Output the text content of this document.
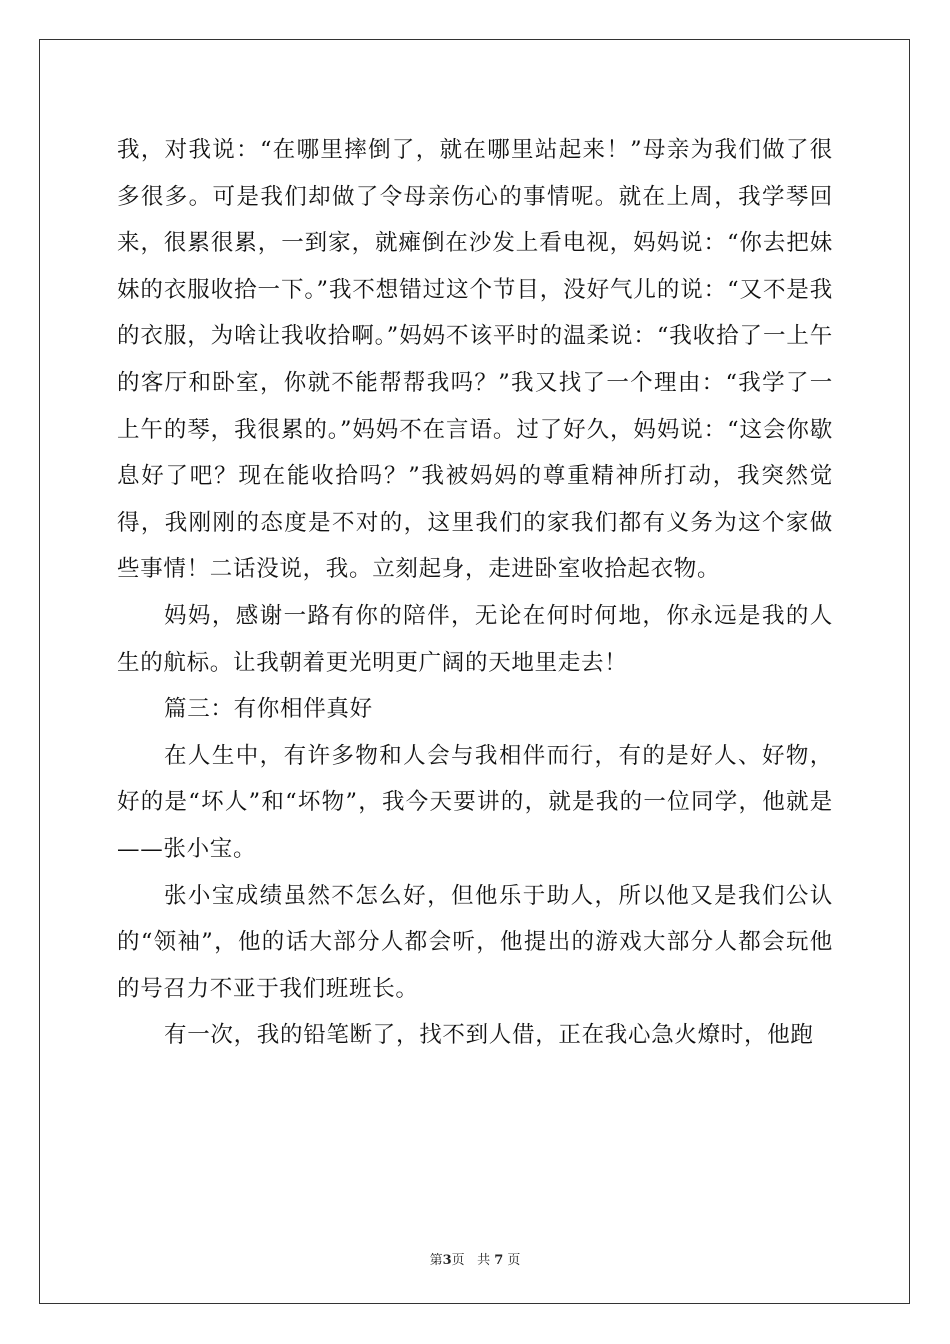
我，对我说：“在哪里摔倒了，就在哪里站起来！”母亲为我们做了很多很多。可是我们却做了令母亲伤心的事情呢。就在上周，我学琴回来，很累很累，一到家，就瘫倒在沙发上看电视，妈妈说：“你去把妹妹的衣服收拾一下。”我不想错过这个节目，没好气儿的说：“又不是我的衣服，为啥让我收拾啊。”妈妈不该平时的温柔说：“我收拾了一上午的客厅和卧室，你就不能帮帮我吗？”我又找了一个理由：“我学了一上午的琴，我很累的。”妈妈不在言语。过了好久，妈妈说：“这会你歇息好了吧？现在能收拾吗？”我被妈妈的尊重精神所打动，我突然觉得，我刚刚的态度是不对的，这里我们的家我们都有义务为这个家做些事情！二话没说，我。立刻起身，走进卧室收拾起衣物。

妈妈，感谢一路有你的陪伴，无论在何时何地，你永远是我的人生的航标。让我朝着更光明更广阔的天地里走去！

篇三：有你相伴真好

在人生中，有许多物和人会与我相伴而行，有的是好人、好物，好的是“坏人”和“坏物”，我今天要讲的，就是我的一位同学，他就是——张小宝。

张小宝成绩虽然不怎么好，但他乐于助人，所以他又是我们公认的“领袖”，他的话大部分人都会听，他提出的游戏大部分人都会玩他的号召力不亚于我们班班长。

有一次，我的铅笔断了，找不到人借，正在我心急火燎时，他跑

第3页 共 7 页
